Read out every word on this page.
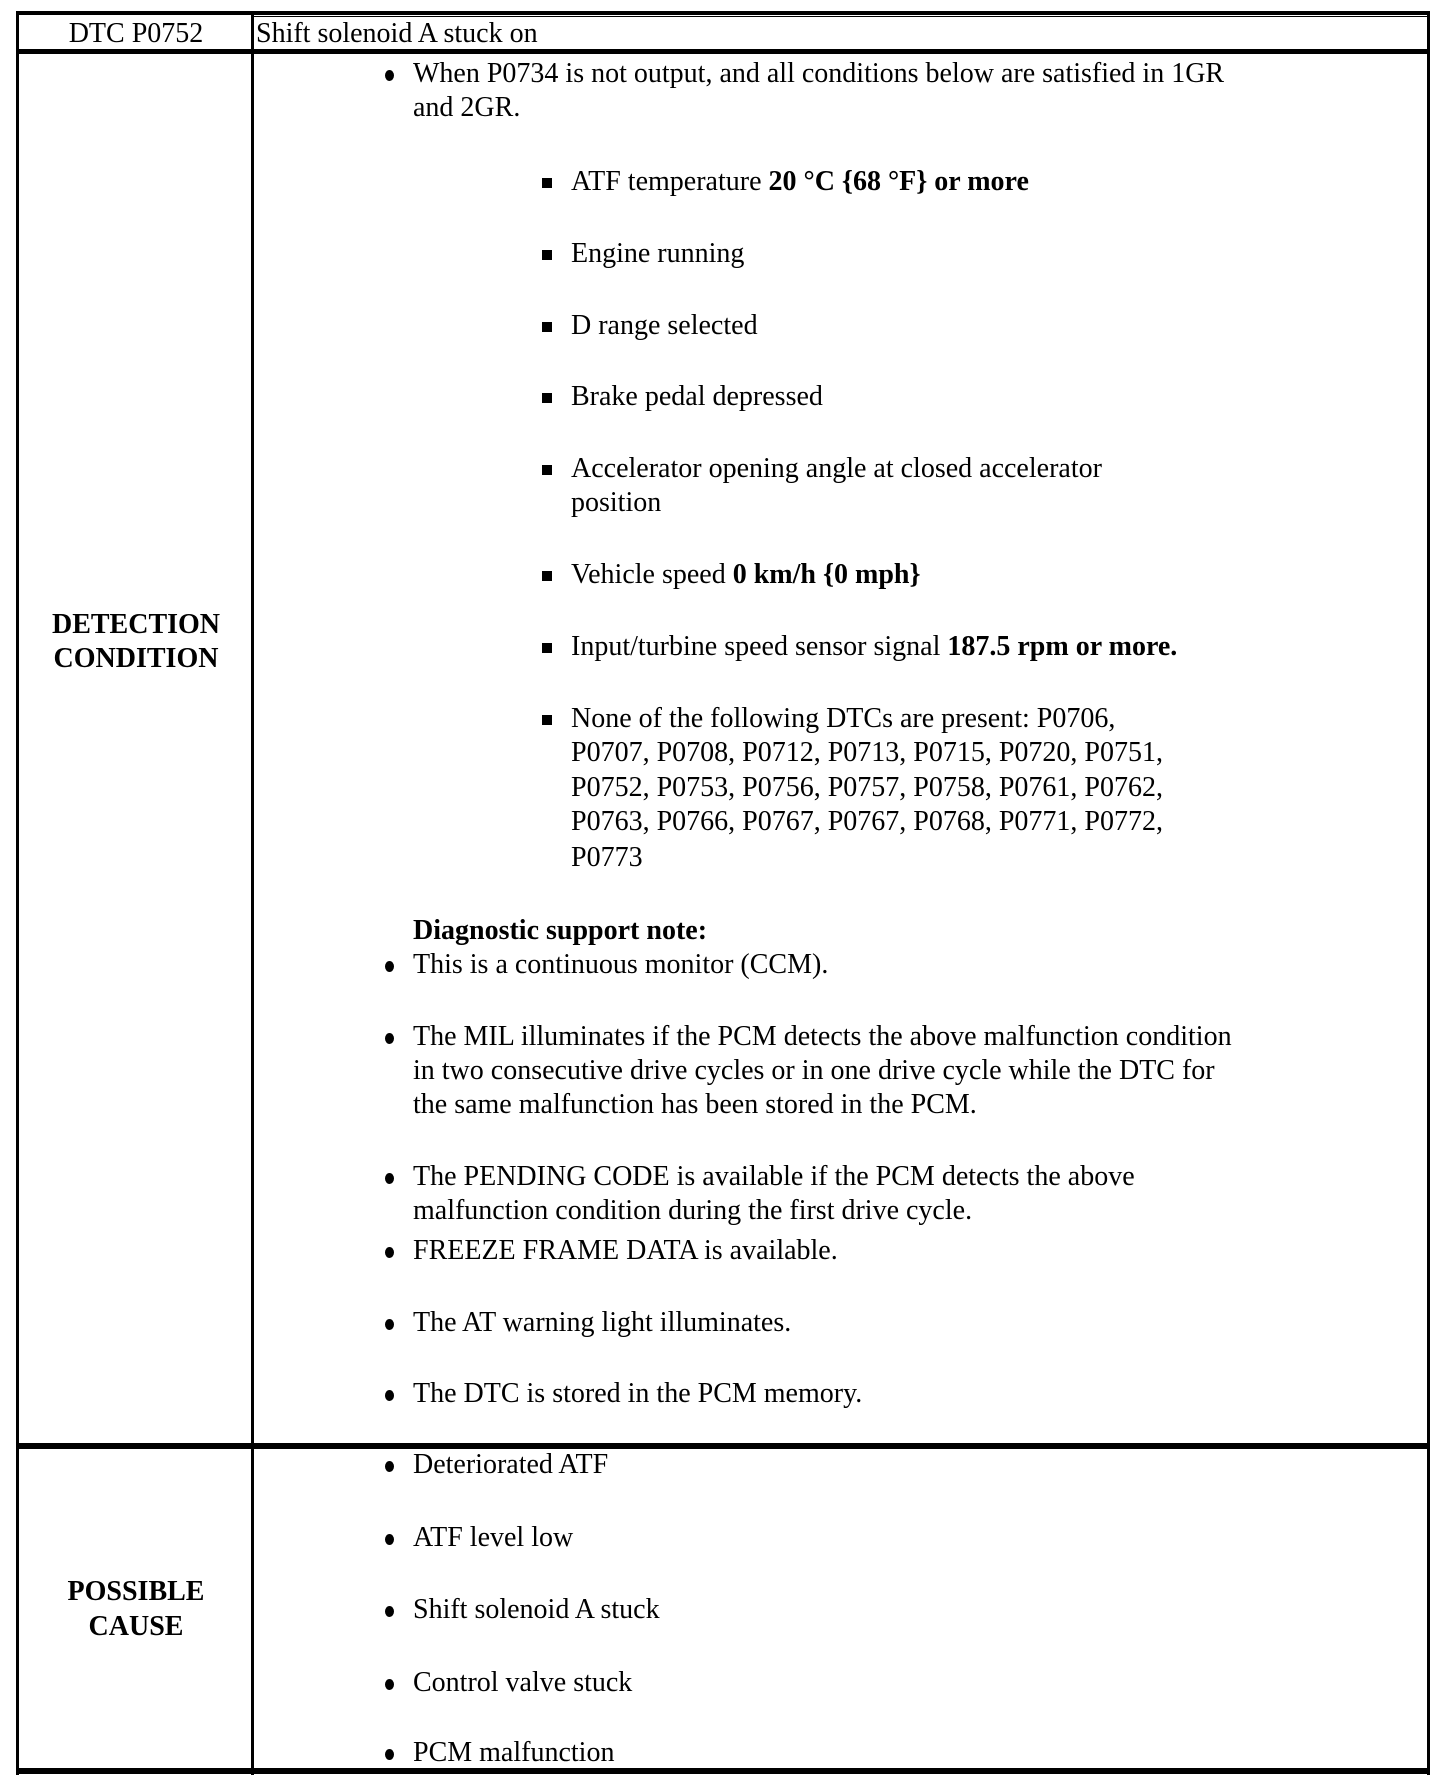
DTC P0752	Shift solenoid A stuck on
DETECTION
CONDITION
When P0734 is not output, and all conditions below are satisfied in 1GR
and 2GR.
ATF temperature 20 °C {68 °F} or more
Engine running
D range selected
Brake pedal depressed
Accelerator opening angle at closed accelerator
position
Vehicle speed 0 km/h {0 mph}
Input/turbine speed sensor signal 187.5 rpm or more.
None of the following DTCs are present: P0706,
P0707, P0708, P0712, P0713, P0715, P0720, P0751,
P0752, P0753, P0756, P0757, P0758, P0761, P0762,
P0763, P0766, P0767, P0767, P0768, P0771, P0772,
P0773
Diagnostic support note:
This is a continuous monitor (CCM).
The MIL illuminates if the PCM detects the above malfunction condition
in two consecutive drive cycles or in one drive cycle while the DTC for
the same malfunction has been stored in the PCM.
The PENDING CODE is available if the PCM detects the above
malfunction condition during the first drive cycle.
FREEZE FRAME DATA is available.
The AT warning light illuminates.
The DTC is stored in the PCM memory.
POSSIBLE
CAUSE
Deteriorated ATF
ATF level low
Shift solenoid A stuck
Control valve stuck
PCM malfunction
